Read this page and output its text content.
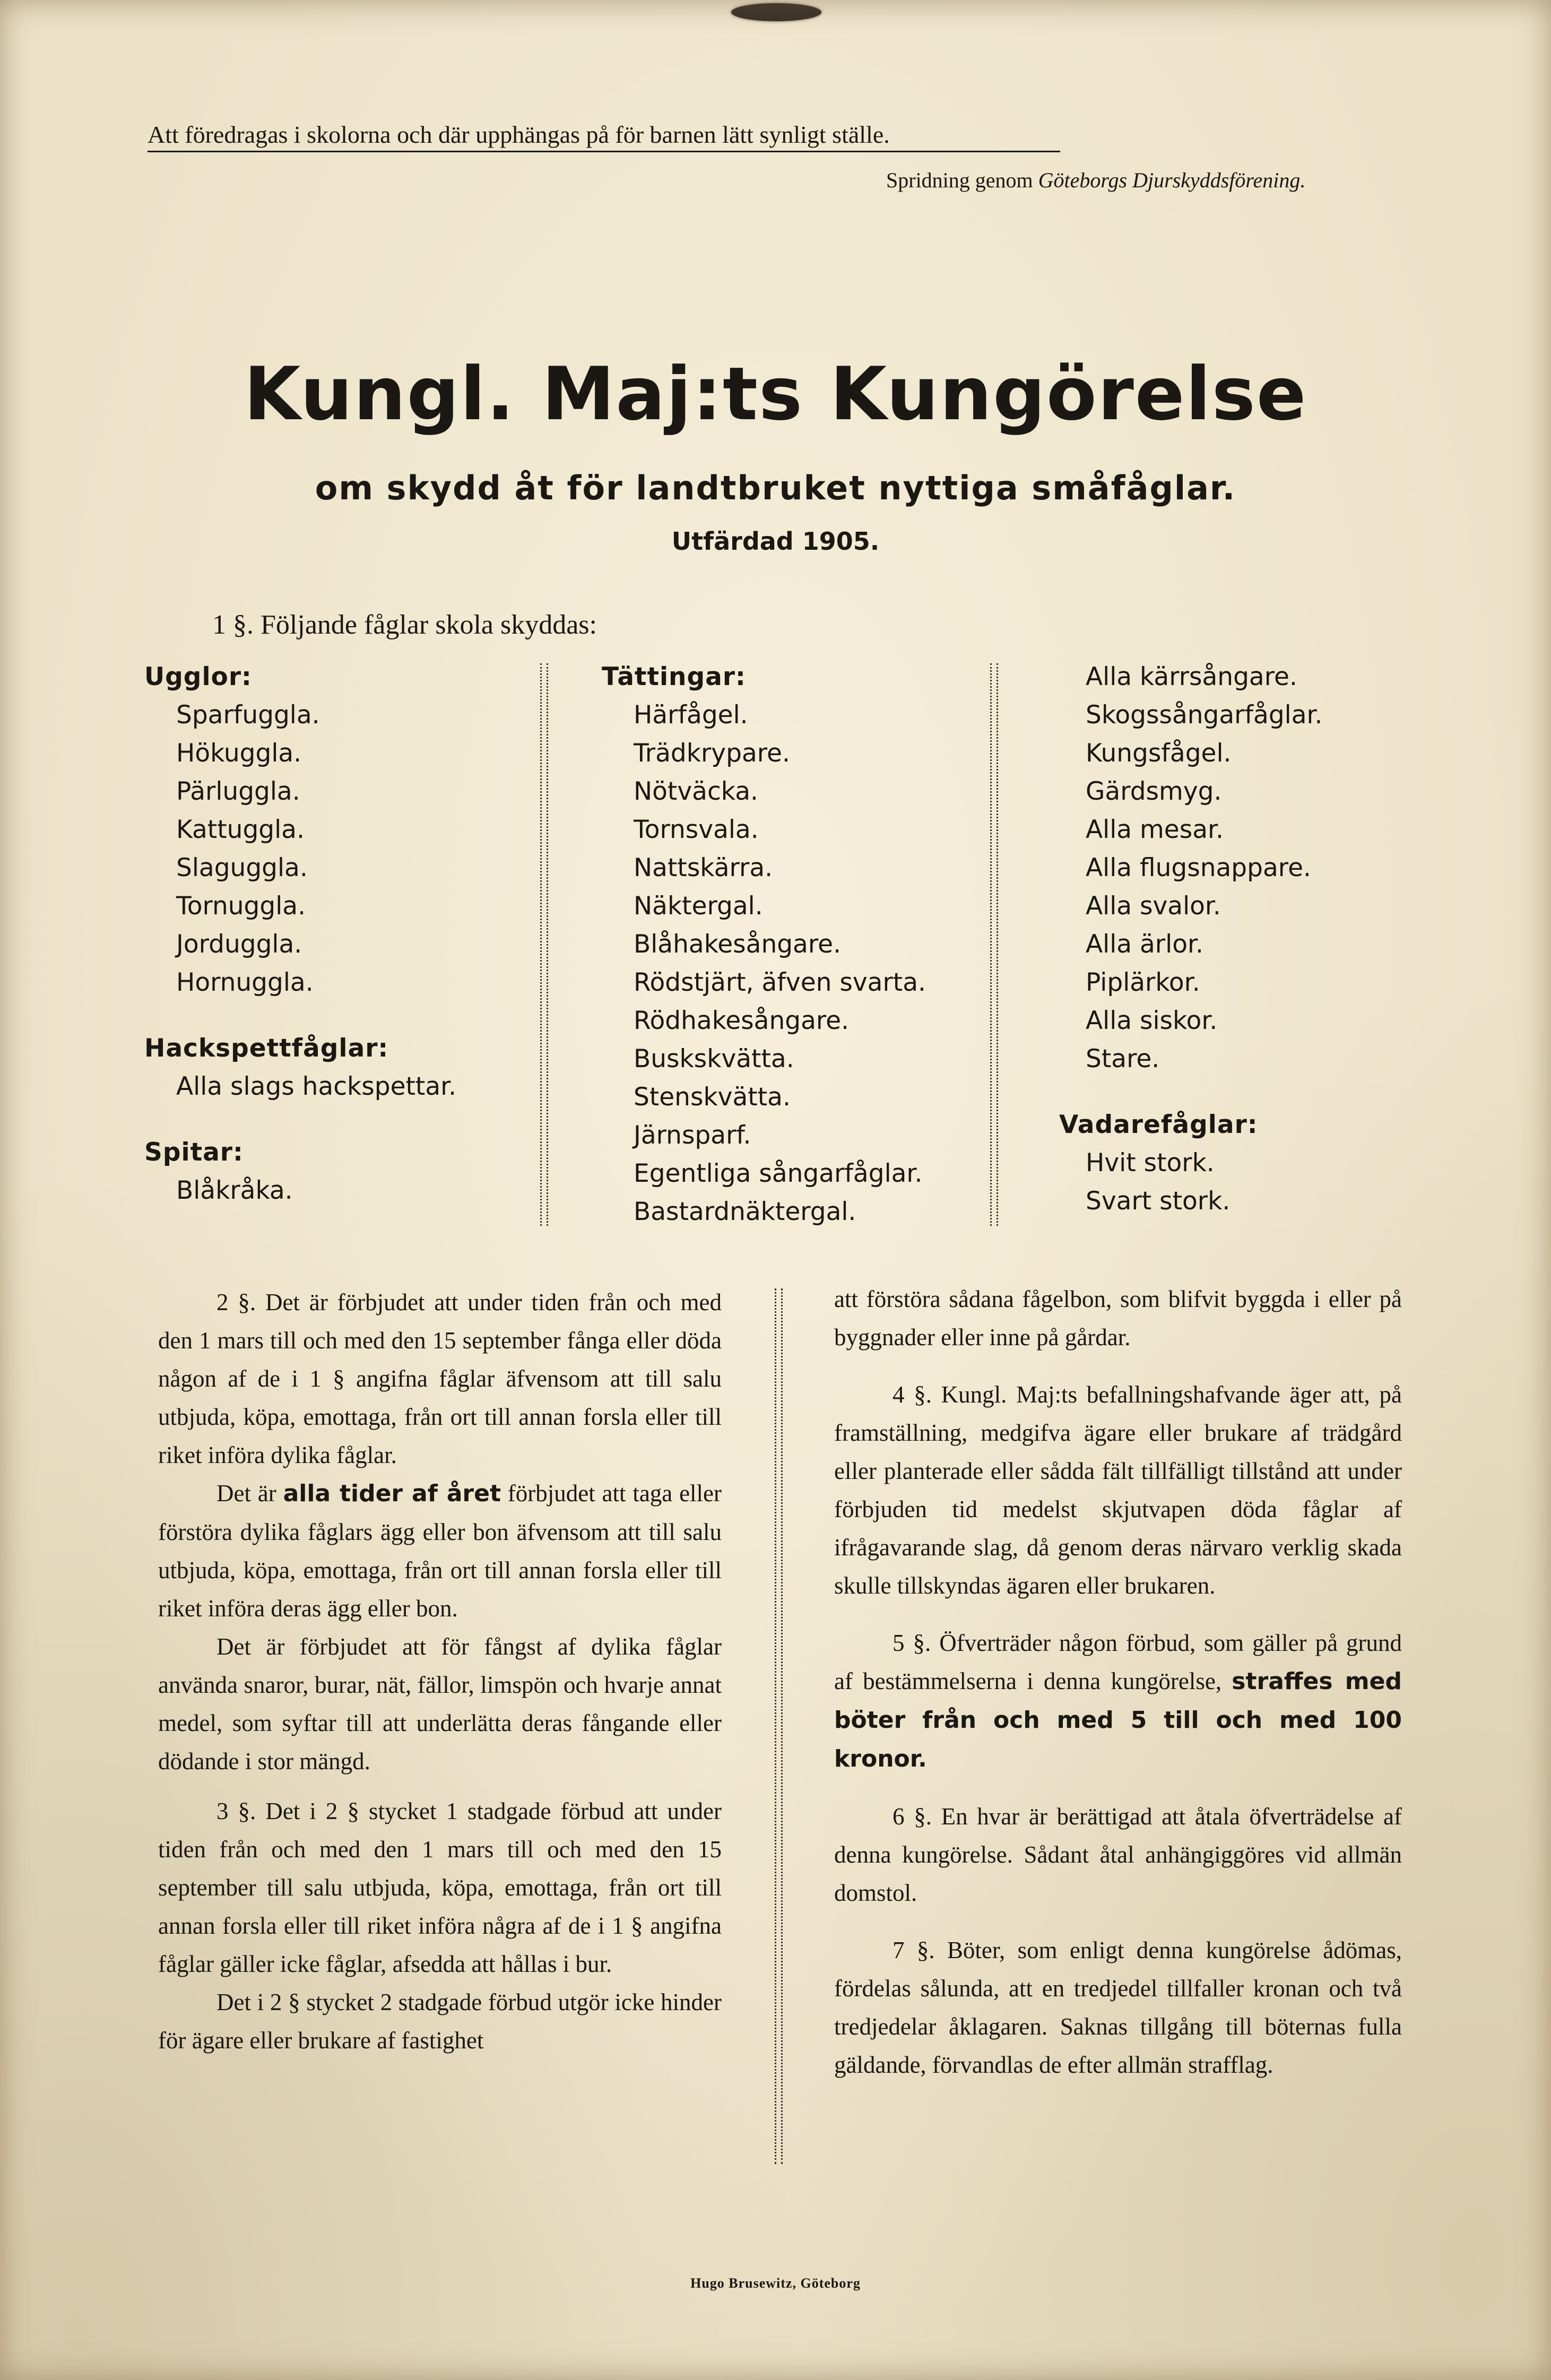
Att föredragas i skolorna och där upphängas på för barnen lätt synligt ställe.
Spridning genom Göteborgs Djurskyddsförening.
Kungl. Maj:ts Kungörelse
om skydd åt för landtbruket nyttiga småfåglar.
Utfärdad 1905.
1 §. Följande fåglar skola skyddas:
Ugglor:
Sparfuggla.
Hökuggla.
Pärluggla.
Kattuggla.
Slaguggla.
Tornuggla.
Jorduggla.
Hornuggla.
Hackspettfåglar:
Alla slags hackspettar.
Spitar:
Blåkråka.
Tättingar:
Härfågel.
Trädkrypare.
Nötväcka.
Tornsvala.
Nattskärra.
Näktergal.
Blåhakesångare.
Rödstjärt, äfven svarta.
Rödhakesångare.
Buskskvätta.
Stenskvätta.
Järnsparf.
Egentliga sångarfåglar.
Bastardnäktergal.
Alla kärrsångare.
Skogssångarfåglar.
Kungsfågel.
Gärdsmyg.
Alla mesar.
Alla flugsnappare.
Alla svalor.
Alla ärlor.
Piplärkor.
Alla siskor.
Stare.
Vadarefåglar:
Hvit stork.
Svart stork.

2 §. Det är förbjudet att under tiden från och med den 1 mars till och med den 15 september fånga eller döda någon af de i 1 § angifna fåglar äfvensom att till salu utbjuda, köpa, emottaga, från ort till annan forsla eller till riket införa dylika fåglar.

Det är alla tider af året förbjudet att taga eller förstöra dylika fåglars ägg eller bon äfvensom att till salu utbjuda, köpa, emottaga, från ort till annan forsla eller till riket införa deras ägg eller bon.

Det är förbjudet att för fångst af dylika fåglar använda snaror, burar, nät, fällor, limspön och hvarje annat medel, som syftar till att underlätta deras fångande eller dödande i stor mängd.

3 §. Det i 2 § stycket 1 stadgade förbud att under tiden från och med den 1 mars till och med den 15 september till salu utbjuda, köpa, emottaga, från ort till annan forsla eller till riket införa några af de i 1 § angifna fåglar gäller icke fåglar, afsedda att hållas i bur.

Det i 2 § stycket 2 stadgade förbud utgör icke hinder för ägare eller brukare af fastighet

att förstöra sådana fågelbon, som blifvit byggda i eller på byggnader eller inne på gårdar.

4 §. Kungl. Maj:ts befallningshafvande äger att, på framställning, medgifva ägare eller brukare af trädgård eller planterade eller sådda fält tillfälligt tillstånd att under förbjuden tid medelst skjutvapen döda fåglar af ifrågavarande slag, då genom deras närvaro verklig skada skulle tillskyndas ägaren eller brukaren.

5 §. Öfverträder någon förbud, som gäller på grund af bestämmelserna i denna kungörelse, straffes med böter från och med 5 till och med 100 kronor.

6 §. En hvar är berättigad att åtala öfverträdelse af denna kungörelse. Sådant åtal anhängiggöres vid allmän domstol.

7 §. Böter, som enligt denna kungörelse ådömas, fördelas sålunda, att en tredjedel tillfaller kronan och två tredjedelar åklagaren. Saknas tillgång till böternas fulla gäldande, förvandlas de efter allmän strafflag.

Hugo Brusewitz, Göteborg
